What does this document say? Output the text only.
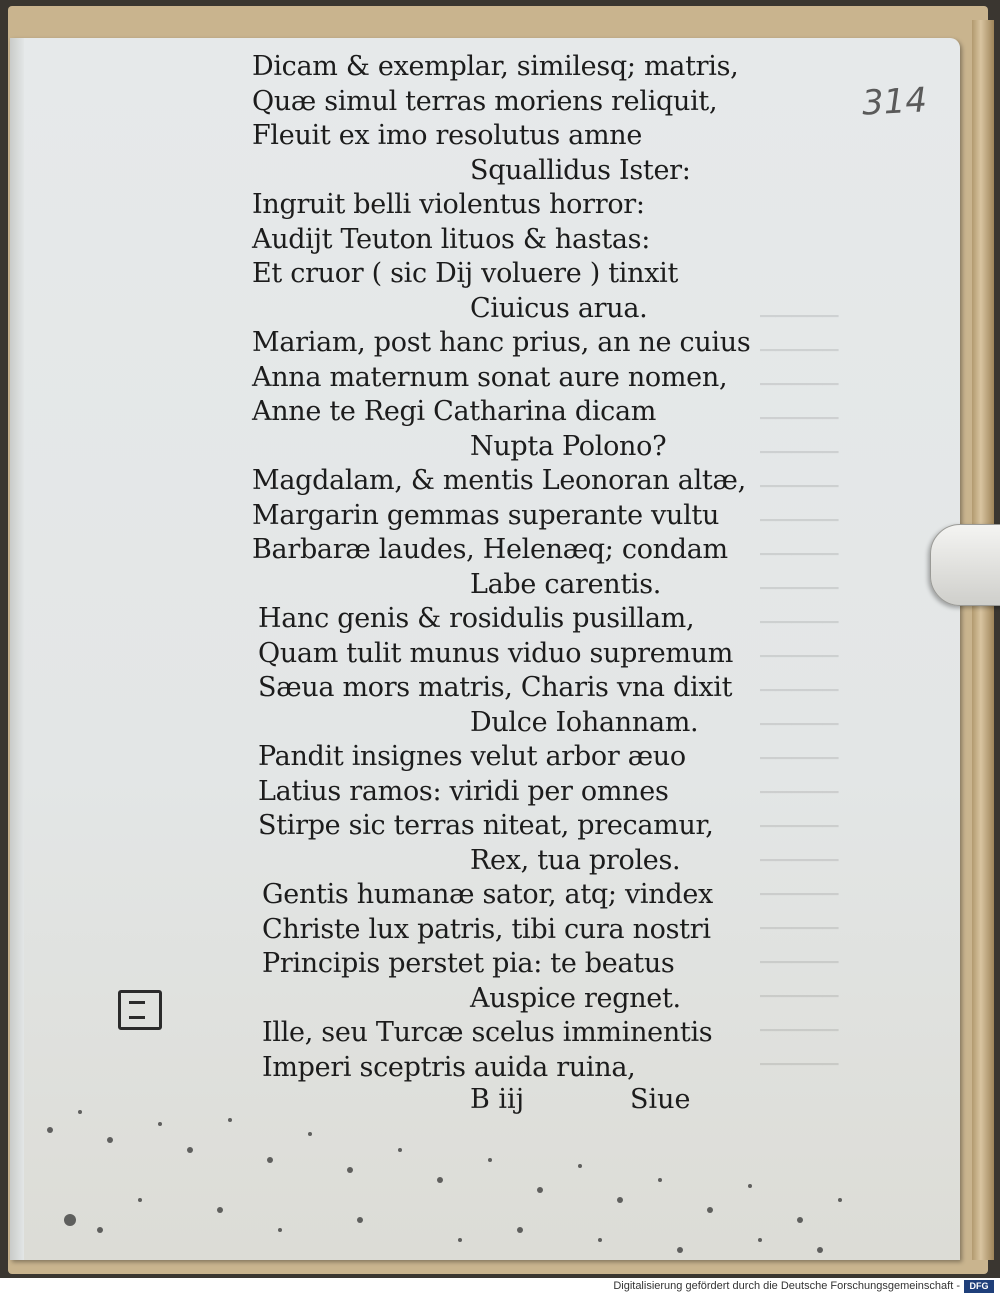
─────
─────
─────
─────
─────
─────
─────
─────
─────
─────
─────
─────
─────
─────
─────
─────
─────
─────
─────
─────
─────
─────
─────
314
Dicam & exemplar, similesq; matris,
Quæ simul terras moriens reliquit,
Fleuit ex imo resolutus amne
Squallidus Ister:
Ingruit belli violentus horror:
Audijt Teuton lituos & hastas:
Et cruor ( sic Dij voluere ) tinxit
Ciuicus arua.
Mariam, post hanc prius, an ne cuius
Anna maternum sonat aure nomen,
Anne te Regi Catharina dicam
Nupta Polono?
Magdalam, & mentis Leonoran altæ,
Margarin gemmas superante vultu
Barbaræ laudes, Helenæq; condam
Labe carentis.
Hanc genis & rosidulis pusillam,
Quam tulit munus viduo supremum
Sæua mors matris, Charis vna dixit
Dulce Iohannam.
Pandit insignes velut arbor æuo
Latius ramos: viridi per omnes
Stirpe sic terras niteat, precamur,
Rex, tua proles.
Gentis humanæ sator, atq; vindex
Christe lux patris, tibi cura nostri
Principis perstet pia: te beatus
Auspice regnet.
Ille, seu Turcæ scelus imminentis
Imperi sceptris auida ruina,
B iij	Siue
Digitalisierung gefördert durch die Deutsche Forschungsgemeinschaft -	DFG
